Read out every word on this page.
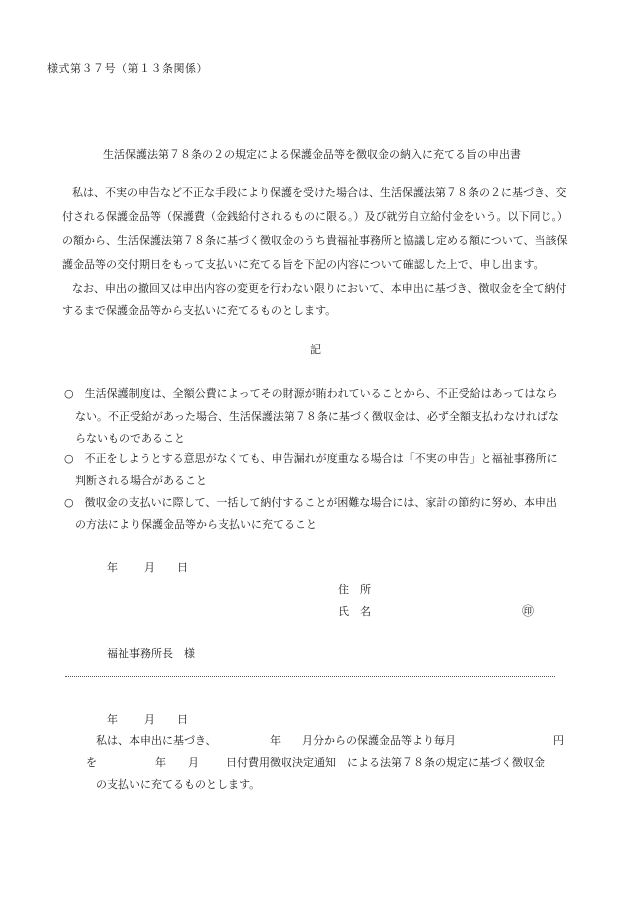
様式第３７号（第１３条関係）
生活保護法第７８条の２の規定による保護金品等を徴収金の納入に充てる旨の申出書
私は、不実の申告など不正な手段により保護を受けた場合は、生活保護法第７８条の２に基づき、交
付される保護金品等（保護費（金銭給付されるものに限る。）及び就労自立給付金をいう。以下同じ。）
の額から、生活保護法第７８条に基づく徴収金のうち貴福祉事務所と協議し定める額について、当該保
護金品等の交付期日をもって支払いに充てる旨を下記の内容について確認した上で、申し出ます。
なお、申出の撤回又は申出内容の変更を行わない限りにおいて、本申出に基づき、徴収金を全て納付
するまで保護金品等から支払いに充てるものとします。
記
○　生活保護制度は、全額公費によってその財源が賄われていることから、不正受給はあってはなら
ない。不正受給があった場合、生活保護法第７８条に基づく徴収金は、必ず全額支払わなければな
らないものであること
○　不正をしようとする意思がなくても、申告漏れが度重なる場合は「不実の申告」と福祉事務所に
判断される場合があること
○　徴収金の支払いに際して、一括して納付することが困難な場合には、家計の節約に努め、本申出
の方法により保護金品等から支払いに充てること
年 月 日
住　所
氏　名	㊞
福祉事務所長　様
年 月 日
私は、本申出に基づき、	年 月分からの保護金品等より毎月	円
を	年 月 日付費用徴収決定通知　による法第７８条の規定に基づく徴収金
の支払いに充てるものとします。
